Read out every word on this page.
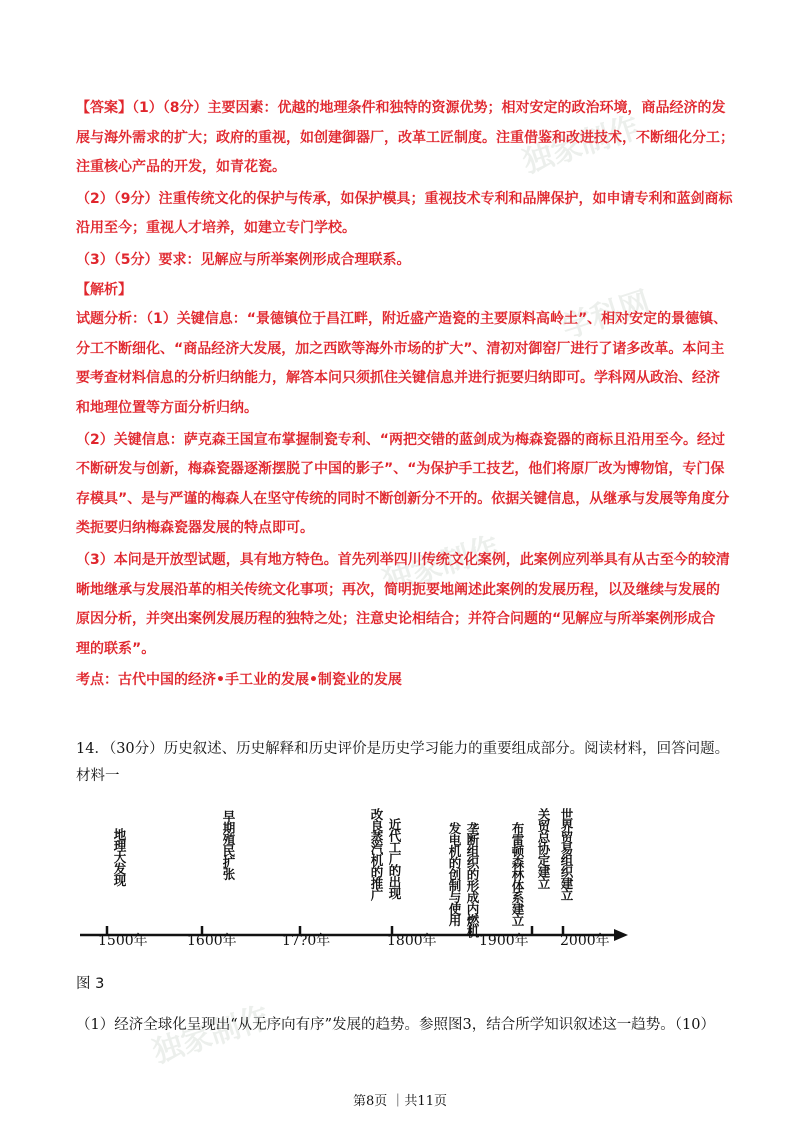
独家制作
学科网
独家制作
独家制作

【答案】（1）（8分）主要因素：优越的地理条件和独特的资源优势；相对安定的政治环境，商品经济的发

展与海外需求的扩大；政府的重视，如创建御器厂，改革工匠制度。注重借鉴和改进技术，不断细化分工；

注重核心产品的开发，如青花瓷。

（2）（9分）注重传统文化的保护与传承，如保护模具；重视技术专利和品牌保护，如申请专利和蓝剑商标

沿用至今；重视人才培养，如建立专门学校。

（3）（5分）要求：见解应与所举案例形成合理联系。

【解析】

试题分析：（1）关键信息：“景德镇位于昌江畔，附近盛产造瓷的主要原料高岭土”、相对安定的景德镇、

分工不断细化、“商品经济大发展，加之西欧等海外市场的扩大”、清初对御窑厂进行了诸多改革。本问主

要考查材料信息的分析归纳能力，解答本问只须抓住关键信息并进行扼要归纳即可。学科网从政治、经济

和地理位置等方面分析归纳。

（2）关键信息：萨克森王国宣布掌握制瓷专利、“两把交错的蓝剑成为梅森瓷器的商标且沿用至今。经过

不断研发与创新，梅森瓷器逐渐摆脱了中国的影子”、“为保护手工技艺，他们将原厂改为博物馆，专门保

存模具”、是与严谨的梅森人在坚守传统的同时不断创新分不开的。依据关键信息，从继承与发展等角度分

类扼要归纳梅森瓷器发展的特点即可。

（3）本问是开放型试题，具有地方特色。首先列举四川传统文化案例，此案例应列举具有从古至今的较清

晰地继承与发展沿革的相关传统文化事项；再次，简明扼要地阐述此案例的发展历程，以及继续与发展的

原因分析，并突出案例发展历程的独特之处；注意史论相结合；并符合问题的“见解应与所举案例形成合

理的联系”。

考点：古代中国的经济•手工业的发展•制瓷业的发展

14．（30分）历史叙述、历史解释和历史评价是历史学习能力的重要组成部分。阅读材料，回答问题。
材料一
1500年	1600年	17?0年	1800年	1900年 2000年
地理大发现	早期殖民扩张	改良蒸汽机的推广 近代工厂的出现	发电机的创制与使用 垄断组织的形成内燃机 布雷顿森林体系建立 关贸总协定建立 世界贸易组织建立
图 3
（1）经济全球化呈现出“从无序向有序”发展的趋势。参照图3，结合所学知识叙述这一趋势。（10）
第8页 ｜共11页
